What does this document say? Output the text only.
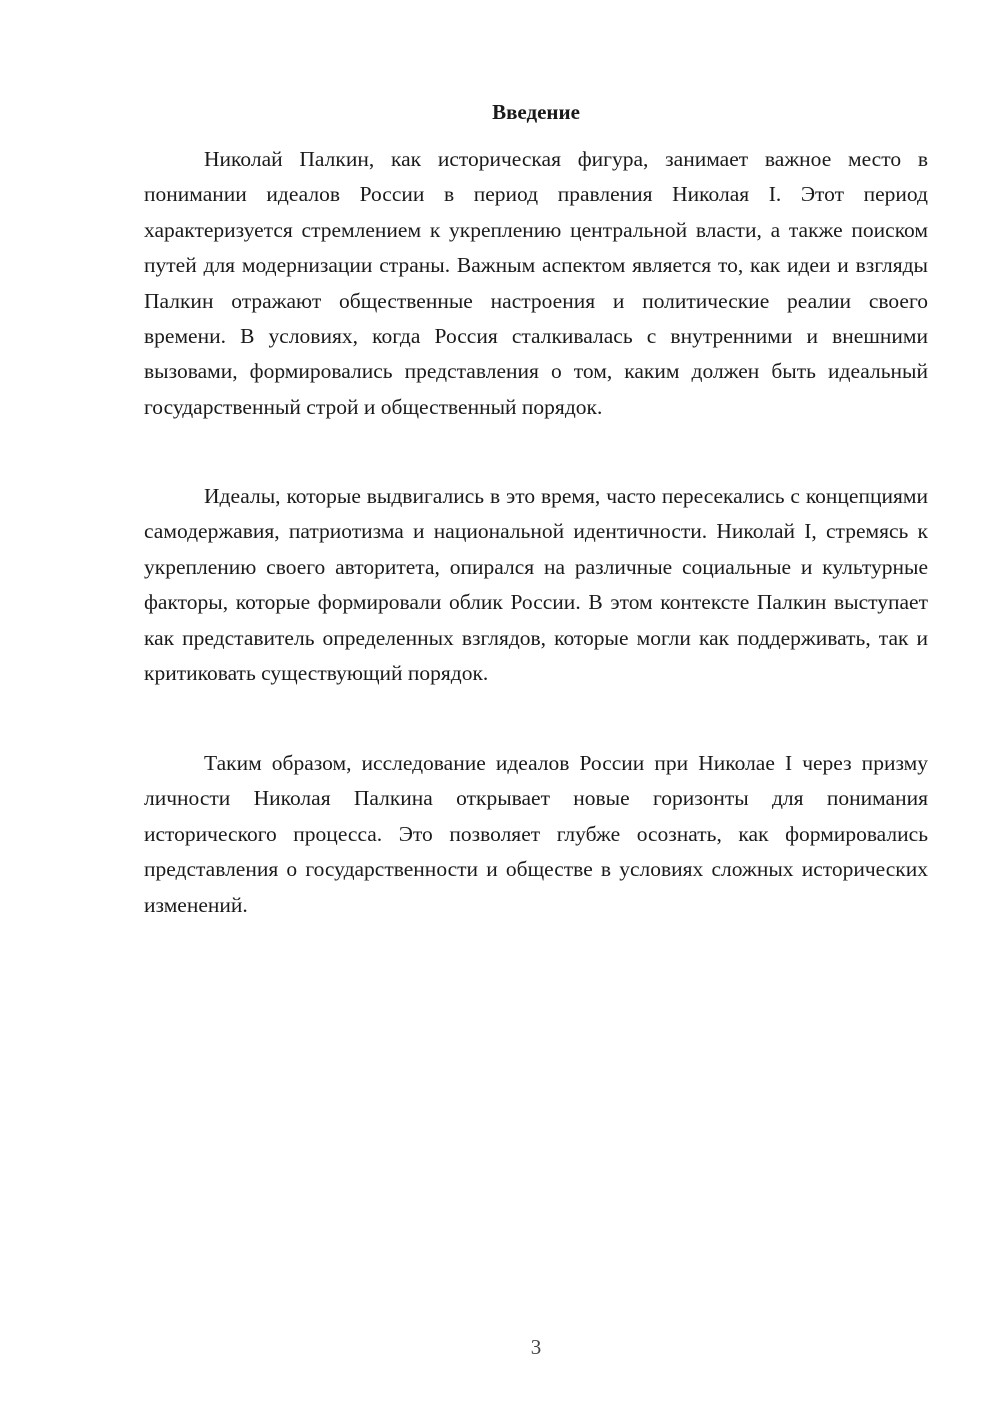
Введение

Николай Палкин, как историческая фигура, занимает важное место в понимании идеалов России в период правления Николая I. Этот период характеризуется стремлением к укреплению центральной власти, а также поиском путей для модернизации страны. Важным аспектом является то, как идеи и взгляды Палкин отражают общественные настроения и политические реалии своего времени. В условиях, когда Россия сталкивалась с внутренними и внешними вызовами, формировались представления о том, каким должен быть идеальный государственный строй и общественный порядок.

Идеалы, которые выдвигались в это время, часто пересекались с концепциями самодержавия, патриотизма и национальной идентичности. Николай I, стремясь к укреплению своего авторитета, опирался на различные социальные и культурные факторы, которые формировали облик России. В этом контексте Палкин выступает как представитель определенных взглядов, которые могли как поддерживать, так и критиковать существующий порядок.

Таким образом, исследование идеалов России при Николае I через призму личности Николая Палкина открывает новые горизонты для понимания исторического процесса. Это позволяет глубже осознать, как формировались представления о государственности и обществе в условиях сложных исторических изменений.

3
